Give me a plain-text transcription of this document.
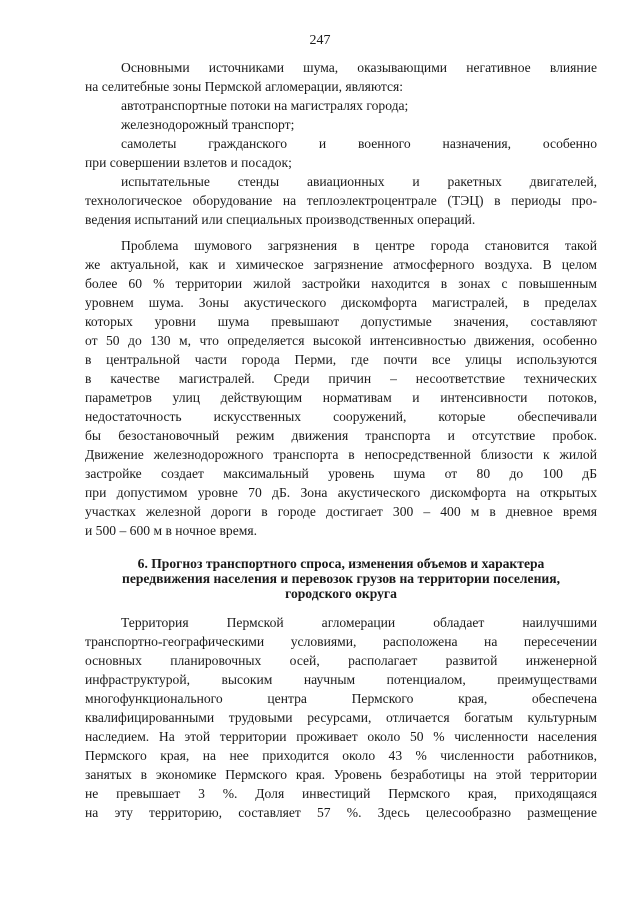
247

Основными источниками шума, оказывающими негативное влияние

на селитебные зоны Пермской агломерации, являются:

автотранспортные потоки на магистралях города;

железнодорожный транспорт;

самолеты гражданского и военного назначения, особенно

при совершении взлетов и посадок;

испытательные стенды авиационных и ракетных двигателей,

технологическое оборудование на теплоэлектроцентрале (ТЭЦ) в периоды про-

ведения испытаний или специальных производственных операций.

Проблема шумового загрязнения в центре города становится такой

же актуальной, как и химическое загрязнение атмосферного воздуха. В целом

более 60 % территории жилой застройки находится в зонах с повышенным

уровнем шума. Зоны акустического дискомфорта магистралей, в пределах

которых уровни шума превышают допустимые значения, составляют

от 50 до 130 м, что определяется высокой интенсивностью движения, особенно

в центральной части города Перми, где почти все улицы используются

в качестве магистралей. Среди причин – несоответствие технических

параметров улиц действующим нормативам и интенсивности потоков,

недостаточность искусственных сооружений, которые обеспечивали

бы безостановочный режим движения транспорта и отсутствие пробок.

Движение железнодорожного транспорта в непосредственной близости к жилой

застройке создает максимальный уровень шума от 80 до 100 дБ

при допустимом уровне 70 дБ. Зона акустического дискомфорта на открытых

участках железной дороги в городе достигает 300 – 400 м в дневное время

и 500 – 600 м в ночное время.

6. Прогноз транспортного спроса, изменения объемов и характера
передвижения населения и перевозок грузов на территории поселения,
городского округа

Территория Пермской агломерации обладает наилучшими

транспортно-географическими условиями, расположена на пересечении

основных планировочных осей, располагает развитой инженерной

инфраструктурой, высоким научным потенциалом, преимуществами

многофункционального центра Пермского края, обеспечена

квалифицированными трудовыми ресурсами, отличается богатым культурным

наследием. На этой территории проживает около 50 % численности населения

Пермского края, на нее приходится около 43 % численности работников,

занятых в экономике Пермского края. Уровень безработицы на этой территории

не превышает 3 %. Доля инвестиций Пермского края, приходящаяся

на эту территорию, составляет 57 %. Здесь целесообразно размещение
